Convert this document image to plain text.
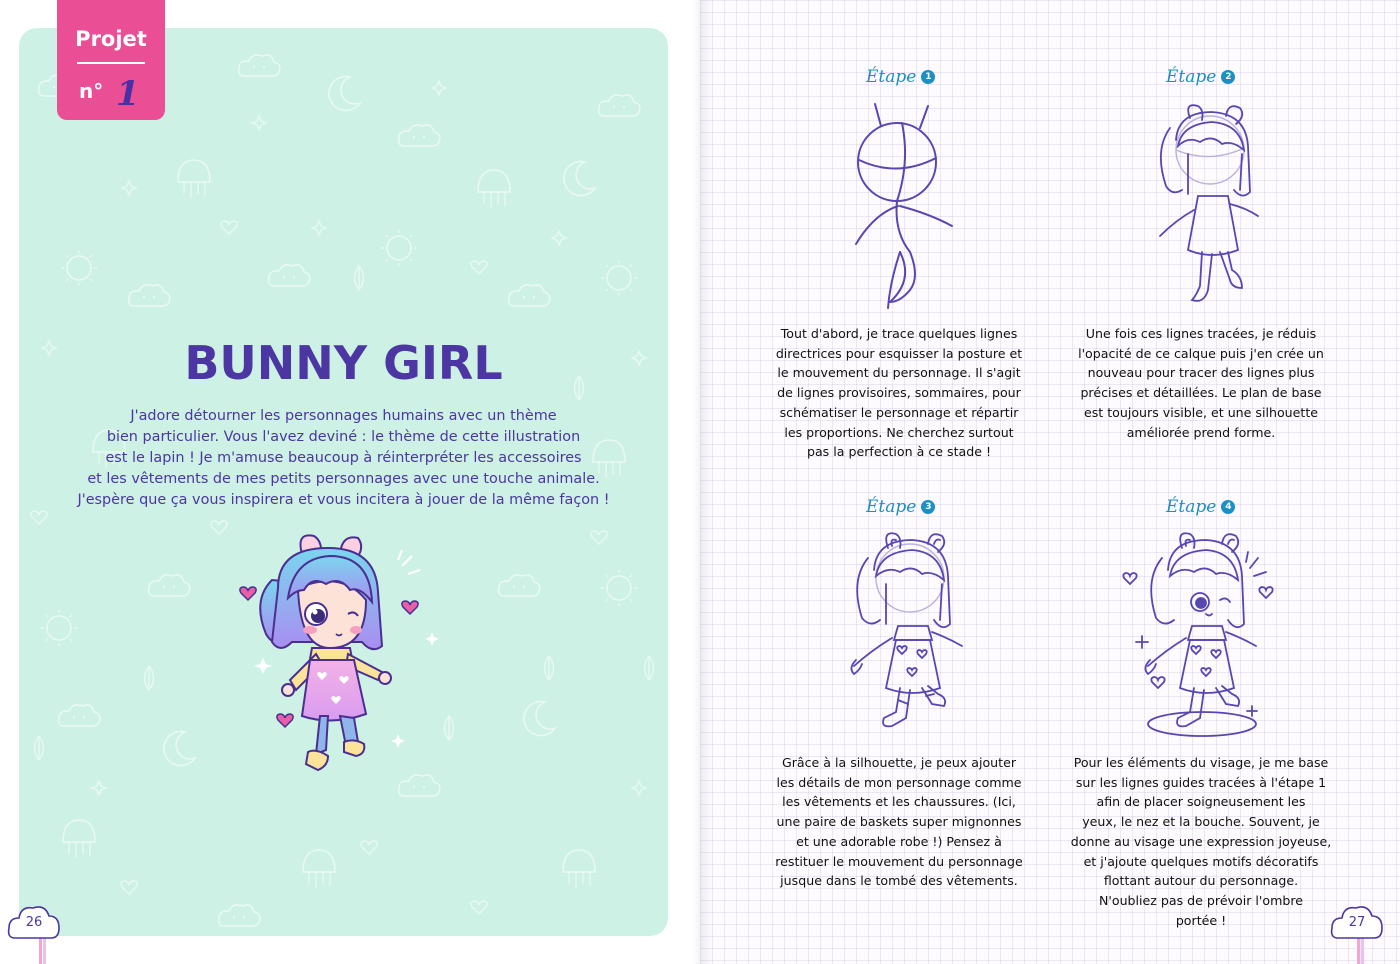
Projet
n° 1
BUNNY GIRL
J'adore détourner les personnages humains avec un thème
bien particulier. Vous l'avez deviné : le thème de cette illustration
est le lapin ! Je m'amuse beaucoup à réinterpréter les accessoires
et les vêtements de mes petits personnages avec une touche animale.
J'espère que ça vous inspirera et vous incitera à jouer de la même façon !
26
Étape 1
Tout d'abord, je trace quelques lignes
directrices pour esquisser la posture et
le mouvement du personnage. Il s'agit
de lignes provisoires, sommaires, pour
schématiser le personnage et répartir
les proportions. Ne cherchez surtout
pas la perfection à ce stade !
Étape 2
Une fois ces lignes tracées, je réduis
l'opacité de ce calque puis j'en crée un
nouveau pour tracer des lignes plus
précises et détaillées. Le plan de base
est toujours visible, et une silhouette
améliorée prend forme.
Étape 3
Grâce à la silhouette, je peux ajouter
les détails de mon personnage comme
les vêtements et les chaussures. (Ici,
une paire de baskets super mignonnes
et une adorable robe !) Pensez à
restituer le mouvement du personnage
jusque dans le tombé des vêtements.
Étape 4
Pour les éléments du visage, je me base
sur les lignes guides tracées à l'étape 1
afin de placer soigneusement les
yeux, le nez et la bouche. Souvent, je
donne au visage une expression joyeuse,
et j'ajoute quelques motifs décoratifs
flottant autour du personnage.
N'oubliez pas de prévoir l'ombre
portée !	27
